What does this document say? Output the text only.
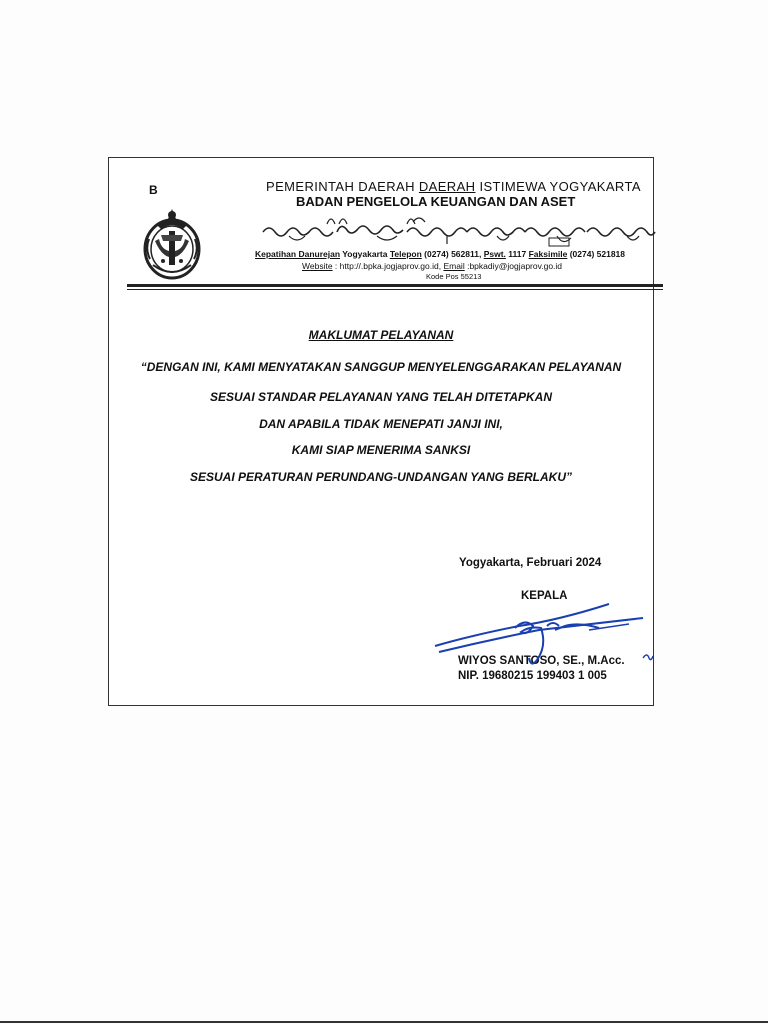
B	PEMERINTAH DAERAH DAERAH ISTIMEWA YOGYAKARTA
BADAN PENGELOLA KEUANGAN DAN ASET
Kepatihan Danurejan Yogyakarta Telepon (0274) 562811, Pswt. 1117 Faksimile (0274) 521818
Website : http://.bpka.jogjaprov.go.id, Email :bpkadiy@jogjaprov.go.id
Kode Pos 55213
MAKLUMAT PELAYANAN
“DENGAN INI, KAMI MENYATAKAN SANGGUP MENYELENGGARAKAN PELAYANAN
SESUAI STANDAR PELAYANAN YANG TELAH DITETAPKAN
DAN APABILA TIDAK MENEPATI JANJI INI,
KAMI SIAP MENERIMA SANKSI
SESUAI PERATURAN PERUNDANG-UNDANGAN YANG BERLAKU”
Yogyakarta, Februari 2024
KEPALA
WIYOS SANTOSO, SE., M.Acc.
NIP. 19680215 199403 1 005
